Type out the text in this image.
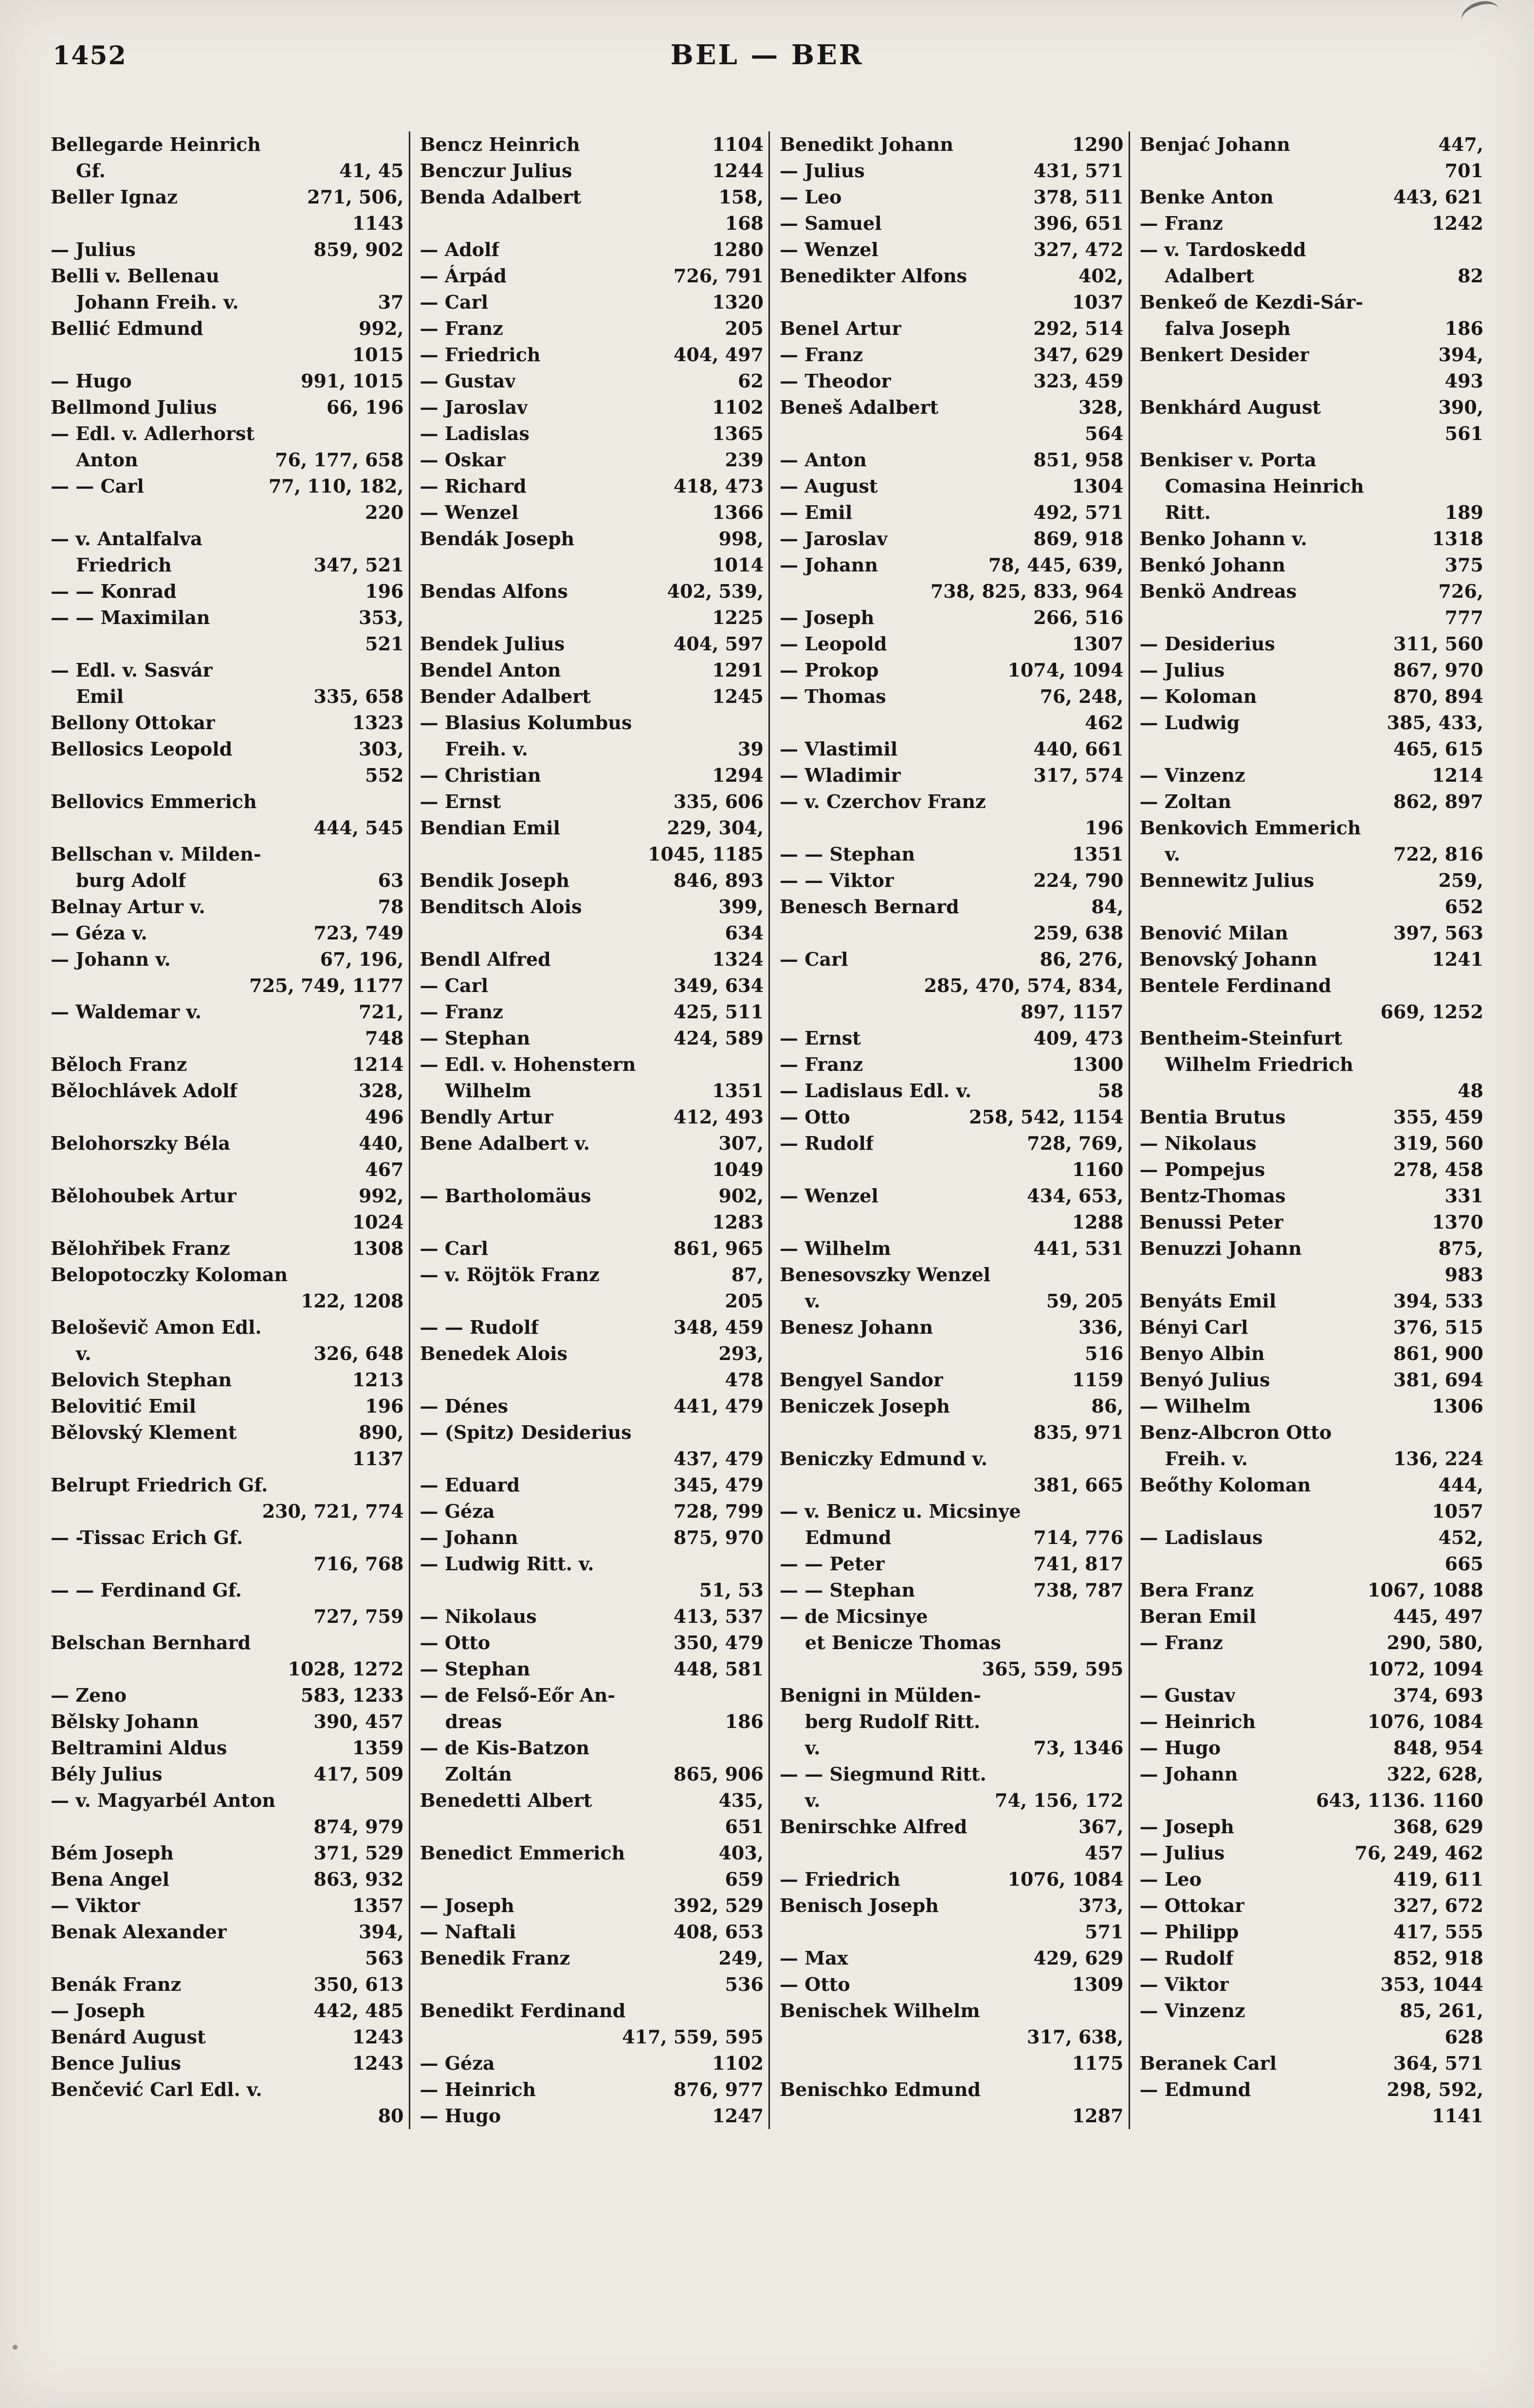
1452	BEL — BER
Bellegarde Heinrich
Gf.	41, 45
Beller Ignaz	271, 506,
1143
— Julius	859, 902
Belli v. Bellenau
Johann Freih. v.	37
Bellić Edmund	992,
1015
— Hugo	991, 1015
Bellmond Julius	66, 196
— Edl. v. Adlerhorst
Anton	76, 177, 658
— — Carl	77, 110, 182,
220
— v. Antalfalva
Friedrich	347, 521
— — Konrad	196
— — Maximilan	353,
521
— Edl. v. Sasvár
Emil	335, 658
Bellony Ottokar	1323
Bellosics Leopold	303,
552
Bellovics Emmerich
444, 545
Bellschan v. Milden-
burg Adolf	63
Belnay Artur v.	78
— Géza v.	723, 749
— Johann v.	67, 196,
725, 749, 1177
— Waldemar v.	721,
748
Běloch Franz	1214
Bělochlávek Adolf	328,
496
Belohorszky Béla	440,
467
Bělohoubek Artur	992,
1024
Bělohřibek Franz	1308
Belopotoczky Koloman
122, 1208
Beloševič Amon Edl.
v.	326, 648
Belovich Stephan	1213
Belovitić Emil	196
Bělovský Klement	890,
1137
Belrupt Friedrich Gf.
230, 721, 774
— -Tissac Erich Gf.
716, 768
— — Ferdinand Gf.
727, 759
Belschan Bernhard
1028, 1272
— Zeno	583, 1233
Bělsky Johann	390, 457
Beltramini Aldus	1359
Bély Julius	417, 509
— v. Magyarbél Anton
874, 979
Bém Joseph	371, 529
Bena Angel	863, 932
— Viktor	1357
Benak Alexander	394,
563
Benák Franz	350, 613
— Joseph	442, 485
Benárd August	1243
Bence Julius	1243
Benčević Carl Edl. v.
80
Bencz Heinrich	1104
Benczur Julius	1244
Benda Adalbert	158,
168
— Adolf	1280
— Árpád	726, 791
— Carl	1320
— Franz	205
— Friedrich	404, 497
— Gustav	62
— Jaroslav	1102
— Ladislas	1365
— Oskar	239
— Richard	418, 473
— Wenzel	1366
Bendák Joseph	998,
1014
Bendas Alfons	402, 539,
1225
Bendek Julius	404, 597
Bendel Anton	1291
Bender Adalbert	1245
— Blasius Kolumbus
Freih. v.	39
— Christian	1294
— Ernst	335, 606
Bendian Emil	229, 304,
1045, 1185
Bendik Joseph	846, 893
Benditsch Alois	399,
634
Bendl Alfred	1324
— Carl	349, 634
— Franz	425, 511
— Stephan	424, 589
— Edl. v. Hohenstern
Wilhelm	1351
Bendly Artur	412, 493
Bene Adalbert v.	307,
1049
— Bartholomäus	902,
1283
— Carl	861, 965
— v. Röjtök Franz	87,
205
— — Rudolf	348, 459
Benedek Alois	293,
478
— Dénes	441, 479
— (Spitz) Desiderius
437, 479
— Eduard	345, 479
— Géza	728, 799
— Johann	875, 970
— Ludwig Ritt. v.
51, 53
— Nikolaus	413, 537
— Otto	350, 479
— Stephan	448, 581
— de Felső-Eőr An-
dreas	186
— de Kis-Batzon
Zoltán	865, 906
Benedetti Albert	435,
651
Benedict Emmerich	403,
659
— Joseph	392, 529
— Naftali	408, 653
Benedik Franz	249,
536
Benedikt Ferdinand
417, 559, 595
— Géza	1102
— Heinrich	876, 977
— Hugo	1247
Benedikt Johann	1290
— Julius	431, 571
— Leo	378, 511
— Samuel	396, 651
— Wenzel	327, 472
Benedikter Alfons	402,
1037
Benel Artur	292, 514
— Franz	347, 629
— Theodor	323, 459
Beneš Adalbert	328,
564
— Anton	851, 958
— August	1304
— Emil	492, 571
— Jaroslav	869, 918
— Johann	78, 445, 639,
738, 825, 833, 964
— Joseph	266, 516
— Leopold	1307
— Prokop	1074, 1094
— Thomas	76, 248,
462
— Vlastimil	440, 661
— Wladimir	317, 574
— v. Czerchov Franz
196
— — Stephan	1351
— — Viktor	224, 790
Benesch Bernard	84,
259, 638
— Carl	86, 276,
285, 470, 574, 834,
897, 1157
— Ernst	409, 473
— Franz	1300
— Ladislaus Edl. v.	58
— Otto	258, 542, 1154
— Rudolf	728, 769,
1160
— Wenzel	434, 653,
1288
— Wilhelm	441, 531
Benesovszky Wenzel
v.	59, 205
Benesz Johann	336,
516
Bengyel Sandor	1159
Beniczek Joseph	86,
835, 971
Beniczky Edmund v.
381, 665
— v. Benicz u. Micsinye
Edmund	714, 776
— — Peter	741, 817
— — Stephan	738, 787
— de Micsinye
et Benicze Thomas
365, 559, 595
Benigni in Mülden-
berg Rudolf Ritt.
v.	73, 1346
— — Siegmund Ritt.
v.	74, 156, 172
Benirschke Alfred	367,
457
— Friedrich	1076, 1084
Benisch Joseph	373,
571
— Max	429, 629
— Otto	1309
Benischek Wilhelm
317, 638,
1175
Benischko Edmund
1287
Benjać Johann	447,
701
Benke Anton	443, 621
— Franz	1242
— v. Tardoskedd
Adalbert	82
Benkeő de Kezdi-Sár-
falva Joseph	186
Benkert Desider	394,
493
Benkhárd August	390,
561
Benkiser v. Porta
Comasina Heinrich
Ritt.	189
Benko Johann v.	1318
Benkó Johann	375
Benkö Andreas	726,
777
— Desiderius	311, 560
— Julius	867, 970
— Koloman	870, 894
— Ludwig	385, 433,
465, 615
— Vinzenz	1214
— Zoltan	862, 897
Benkovich Emmerich
v.	722, 816
Bennewitz Julius	259,
652
Benović Milan	397, 563
Benovský Johann	1241
Bentele Ferdinand
669, 1252
Bentheim-Steinfurt
Wilhelm Friedrich
48
Bentia Brutus	355, 459
— Nikolaus	319, 560
— Pompejus	278, 458
Bentz-Thomas	331
Benussi Peter	1370
Benuzzi Johann	875,
983
Benyáts Emil	394, 533
Bényi Carl	376, 515
Benyo Albin	861, 900
Benyó Julius	381, 694
— Wilhelm	1306
Benz-Albcron Otto
Freih. v.	136, 224
Beőthy Koloman	444,
1057
— Ladislaus	452,
665
Bera Franz	1067, 1088
Beran Emil	445, 497
— Franz	290, 580,
1072, 1094
— Gustav	374, 693
— Heinrich	1076, 1084
— Hugo	848, 954
— Johann	322, 628,
643, 1136. 1160
— Joseph	368, 629
— Julius	76, 249, 462
— Leo	419, 611
— Ottokar	327, 672
— Philipp	417, 555
— Rudolf	852, 918
— Viktor	353, 1044
— Vinzenz	85, 261,
628
Beranek Carl	364, 571
— Edmund	298, 592,
1141
